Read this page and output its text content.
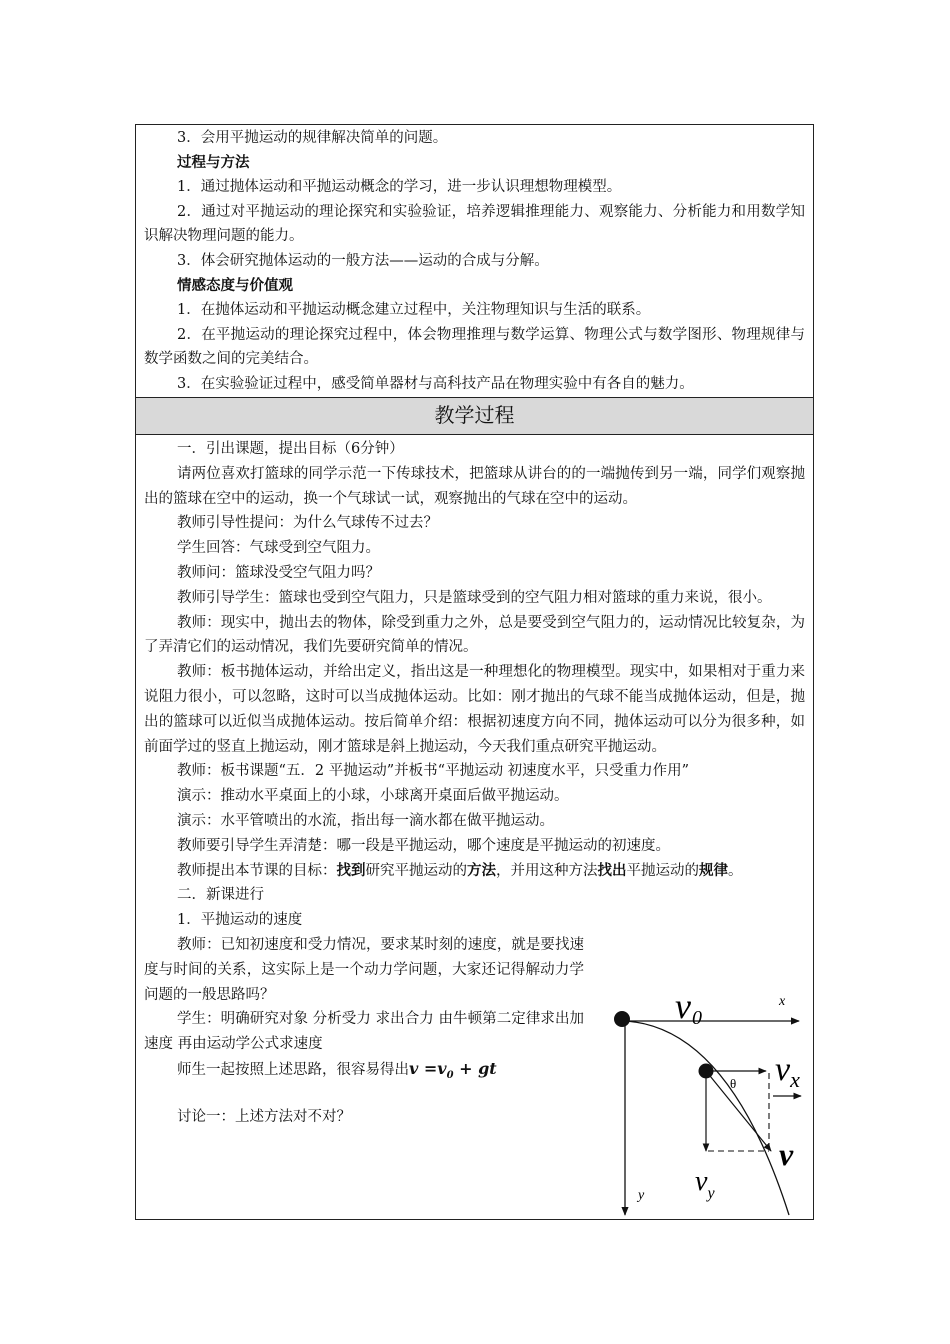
3．会用平抛运动的规律解决简单的问题。

过程与方法

1．通过抛体运动和平抛运动概念的学习，进一步认识理想物理模型。

2．通过对平抛运动的理论探究和实验验证，培养逻辑推理能力、观察能力、分析能力和用数学知识解决物理问题的能力。

3．体会研究抛体运动的一般方法——运动的合成与分解。

情感态度与价值观

1．在抛体运动和平抛运动概念建立过程中，关注物理知识与生活的联系。

2．在平抛运动的理论探究过程中，体会物理推理与数学运算、物理公式与数学图形、物理规律与数学函数之间的完美结合。

3．在实验验证过程中，感受简单器材与高科技产品在物理实验中有各自的魅力。

教学过程

一．引出课题，提出目标（6分钟）

请两位喜欢打篮球的同学示范一下传球技术，把篮球从讲台的的一端抛传到另一端，同学们观察抛出的篮球在空中的运动，换一个气球试一试，观察抛出的气球在空中的运动。

教师引导性提问：为什么气球传不过去？

学生回答：气球受到空气阻力。

教师问：篮球没受空气阻力吗？

教师引导学生：篮球也受到空气阻力，只是篮球受到的空气阻力相对篮球的重力来说，很小。

教师：现实中，抛出去的物体，除受到重力之外，总是要受到空气阻力的，运动情况比较复杂，为了弄清它们的运动情况，我们先要研究简单的情况。

教师：板书抛体运动，并给出定义，指出这是一种理想化的物理模型。现实中，如果相对于重力来说阻力很小，可以忽略，这时可以当成抛体运动。比如：刚才抛出的气球不能当成抛体运动，但是，抛出的篮球可以近似当成抛体运动。按后简单介绍：根据初速度方向不同，抛体运动可以分为很多种，如前面学过的竖直上抛运动，刚才篮球是斜上抛运动，今天我们重点研究平抛运动。

教师：板书课题“五．2 平抛运动”并板书“平抛运动 初速度水平，只受重力作用”

演示：推动水平桌面上的小球，小球离开桌面后做平抛运动。

演示：水平管喷出的水流，指出每一滴水都在做平抛运动。

教师要引导学生弄清楚：哪一段是平抛运动，哪个速度是平抛运动的初速度。

教师提出本节课的目标：找到研究平抛运动的方法，并用这种方法找出平抛运动的规律。

二．新课进行

1．平抛运动的速度

教师：已知初速度和受力情况，要求某时刻的速度，就是要找速度与时间的关系，这实际上是一个动力学问题，大家还记得解动力学问题的一般思路吗？

学生：明确研究对象 分析受力 求出合力 由牛顿第二定律求出加速度 再由运动学公式求速度

师生一起按照上述思路，很容易得出$v =v_0$ + gt

讨论一：上述方法对不对？

v0
x
y
$v_x$
θ
v
$v_y$
